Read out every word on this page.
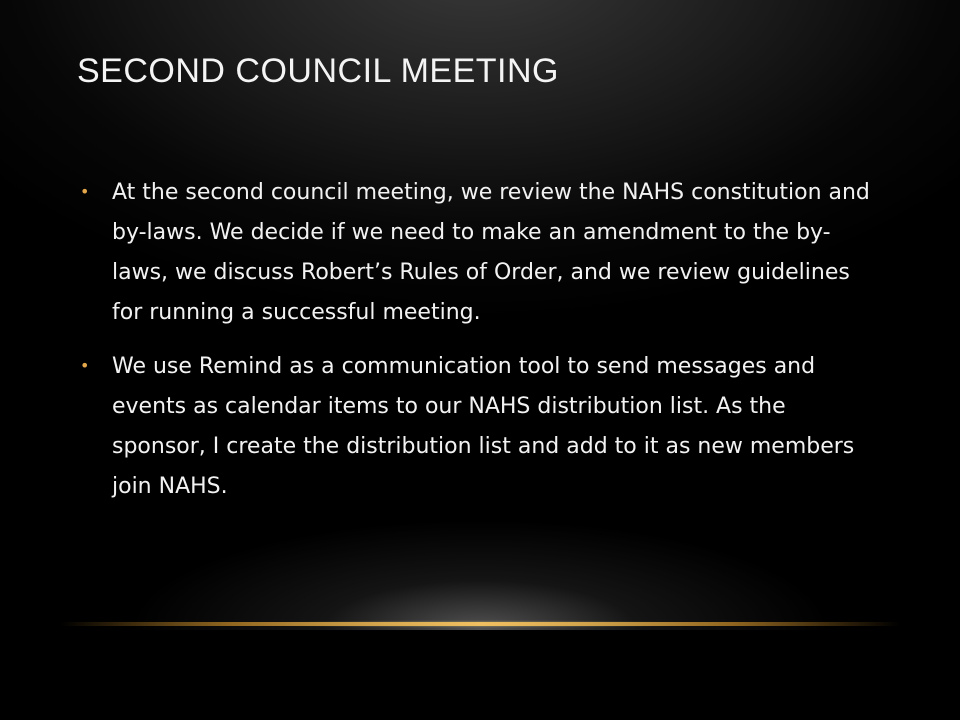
SECOND COUNCIL MEETING
• At the second council meeting, we review the NAHS constitution and by-laws. We decide if we need to make an amendment to the by-laws, we discuss Robert’s Rules of Order, and we review guidelines for running a successful meeting.
• We use Remind as a communication tool to send messages and events as calendar items to our NAHS distribution list. As the sponsor, I create the distribution list and add to it as new members join NAHS.
